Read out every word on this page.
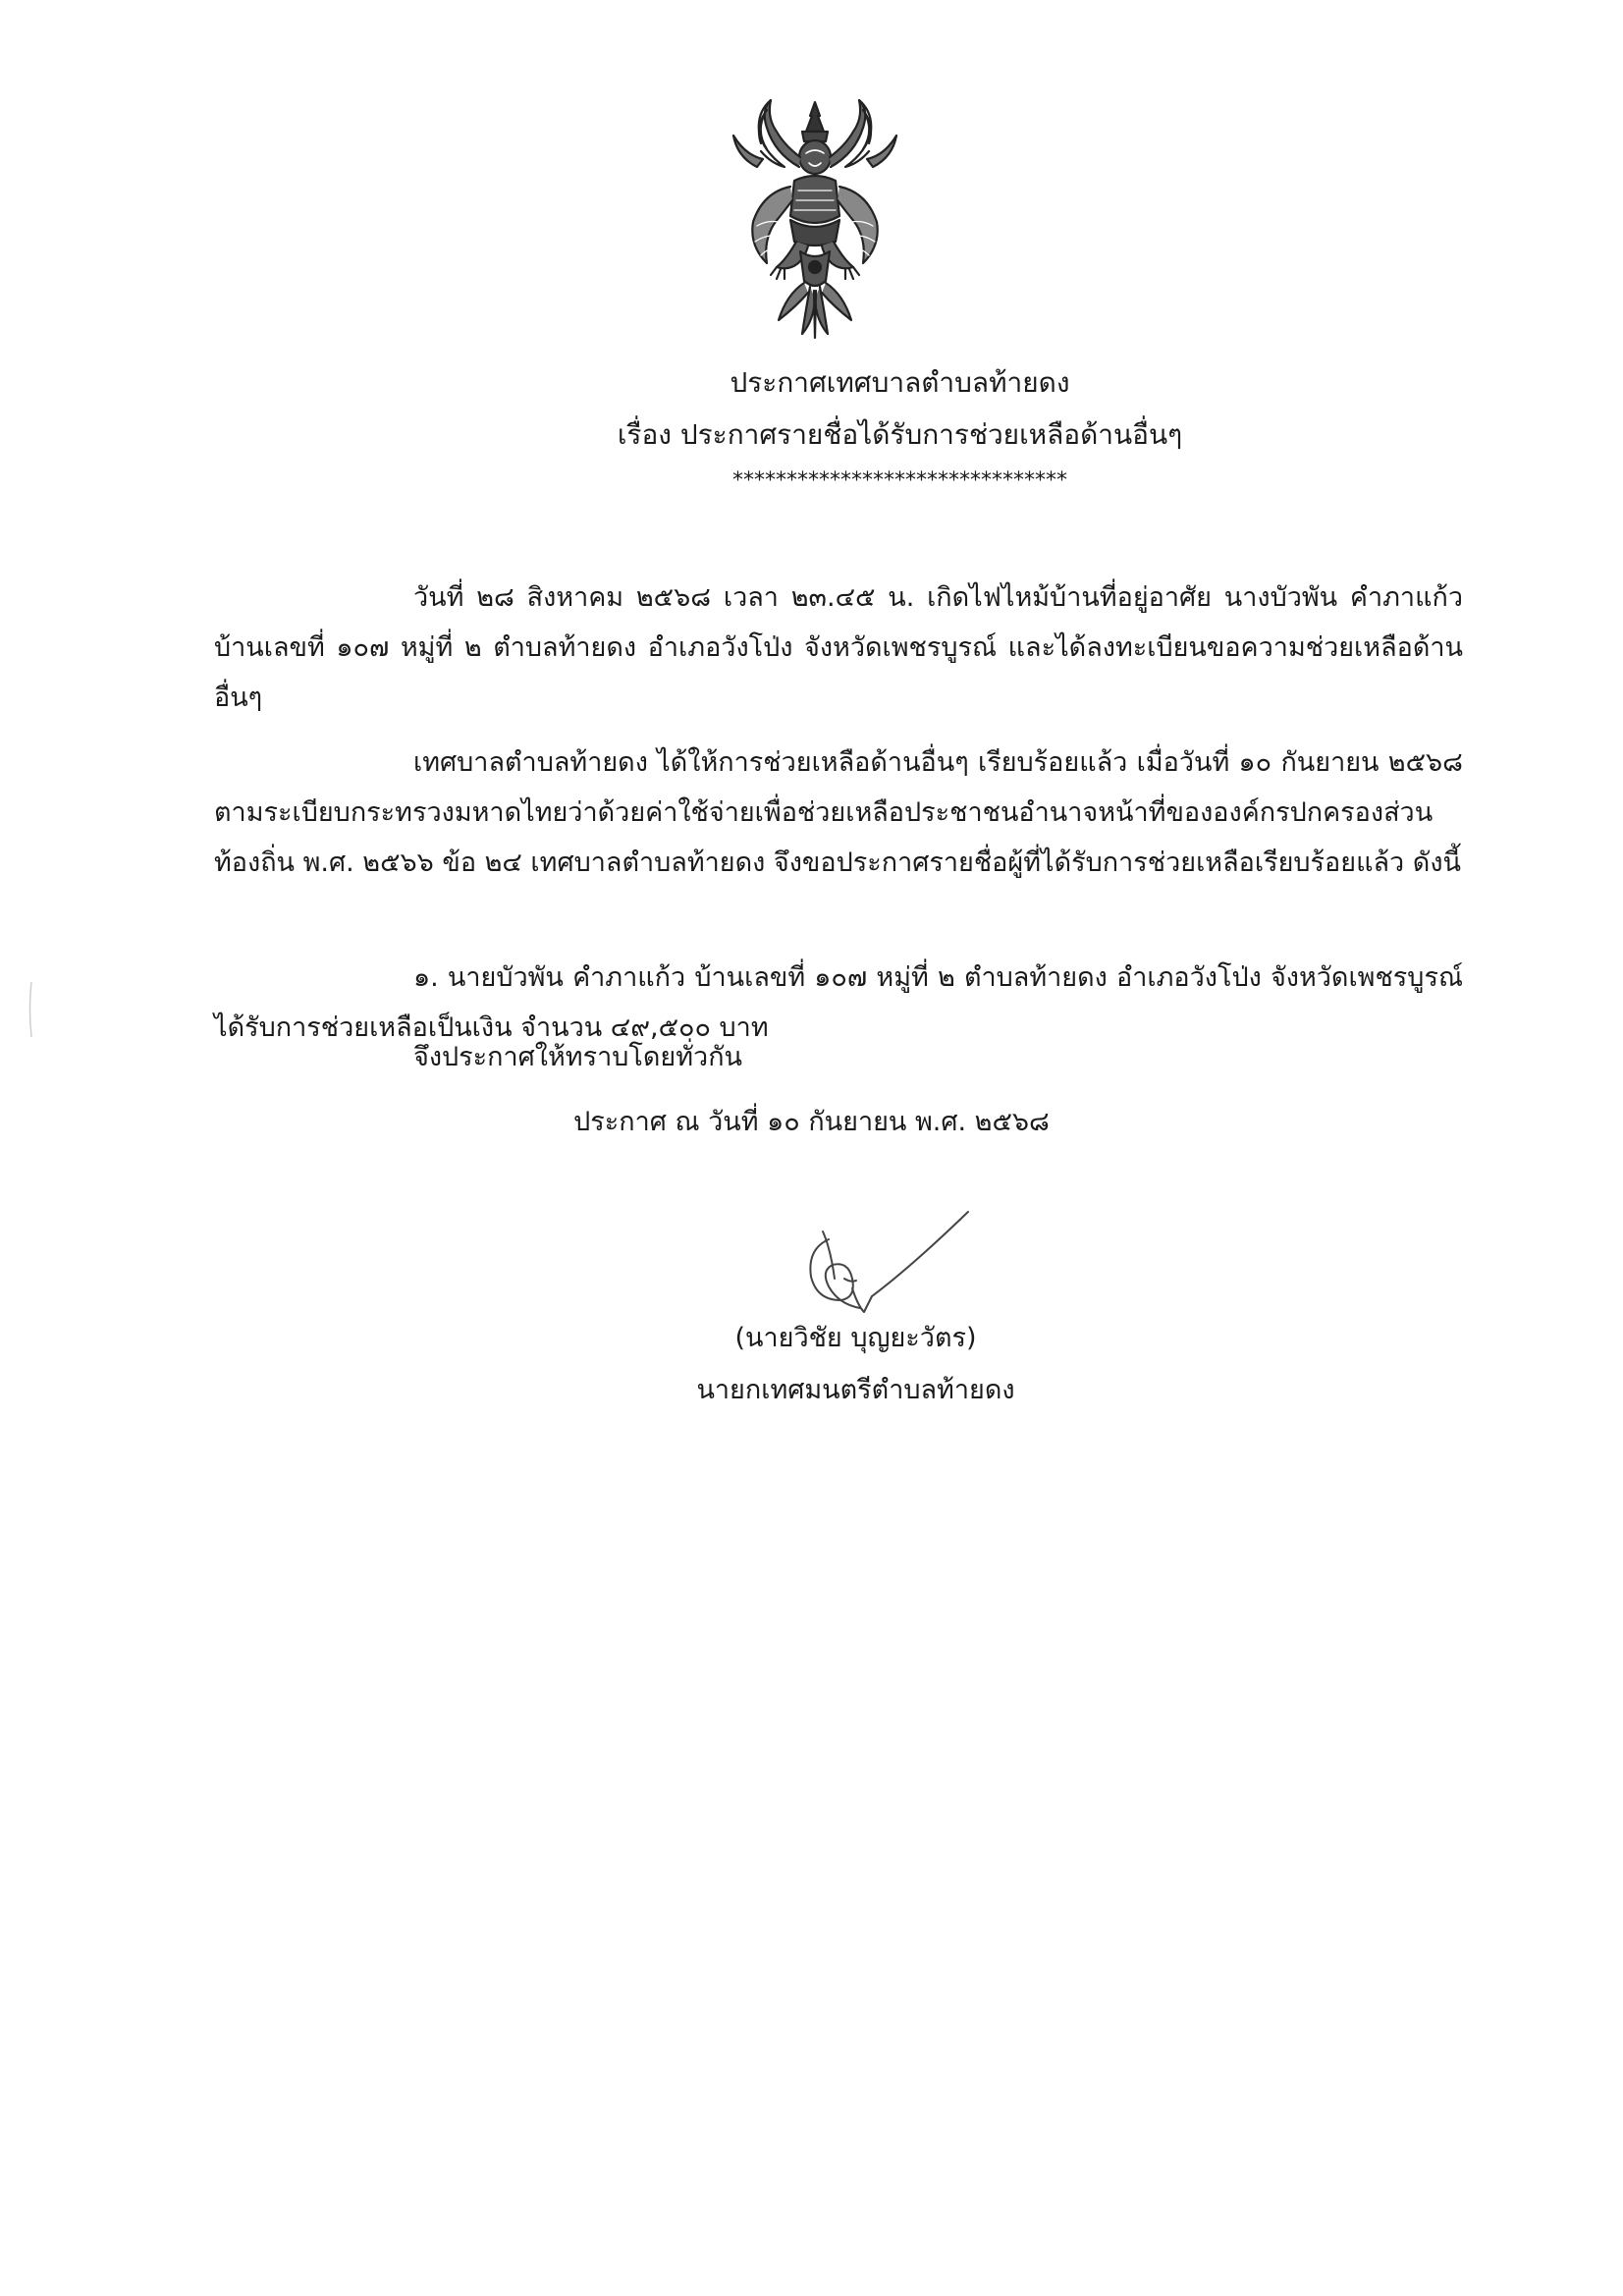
ประกาศเทศบาลตำบลท้ายดง
เรื่อง ประกาศรายชื่อได้รับการช่วยเหลือด้านอื่นๆ
*******************************

วันที่ ๒๘ สิงหาคม ๒๕๖๘ เวลา ๒๓.๔๕ น. เกิดไฟไหม้บ้านที่อยู่อาศัย นางบัวพัน คำภาแก้ว บ้านเลขที่ ๑๐๗ หมู่ที่ ๒ ตำบลท้ายดง อำเภอวังโป่ง จังหวัดเพชรบูรณ์ และได้ลงทะเบียนขอความช่วยเหลือด้านอื่นๆ

เทศบาลตำบลท้ายดง ได้ให้การช่วยเหลือด้านอื่นๆ เรียบร้อยแล้ว เมื่อวันที่ ๑๐ กันยายน ๒๕๖๘ ตามระเบียบกระทรวงมหาดไทยว่าด้วยค่าใช้จ่ายเพื่อช่วยเหลือประชาชนอำนาจหน้าที่ขององค์กรปกครองส่วนท้องถิ่น พ.ศ. ๒๕๖๖ ข้อ ๒๔ เทศบาลตำบลท้ายดง จึงขอประกาศรายชื่อผู้ที่ได้รับการช่วยเหลือเรียบร้อยแล้ว ดังนี้

๑. นายบัวพัน คำภาแก้ว บ้านเลขที่ ๑๐๗ หมู่ที่ ๒ ตำบลท้ายดง อำเภอวังโป่ง จังหวัดเพชรบูรณ์ ได้รับการช่วยเหลือเป็นเงิน จำนวน ๔๙,๕๐๐ บาท

จึงประกาศให้ทราบโดยทั่วกัน
ประกาศ ณ วันที่ ๑๐ กันยายน พ.ศ. ๒๕๖๘
(นายวิชัย บุญยะวัตร)
นายกเทศมนตรีตำบลท้ายดง
